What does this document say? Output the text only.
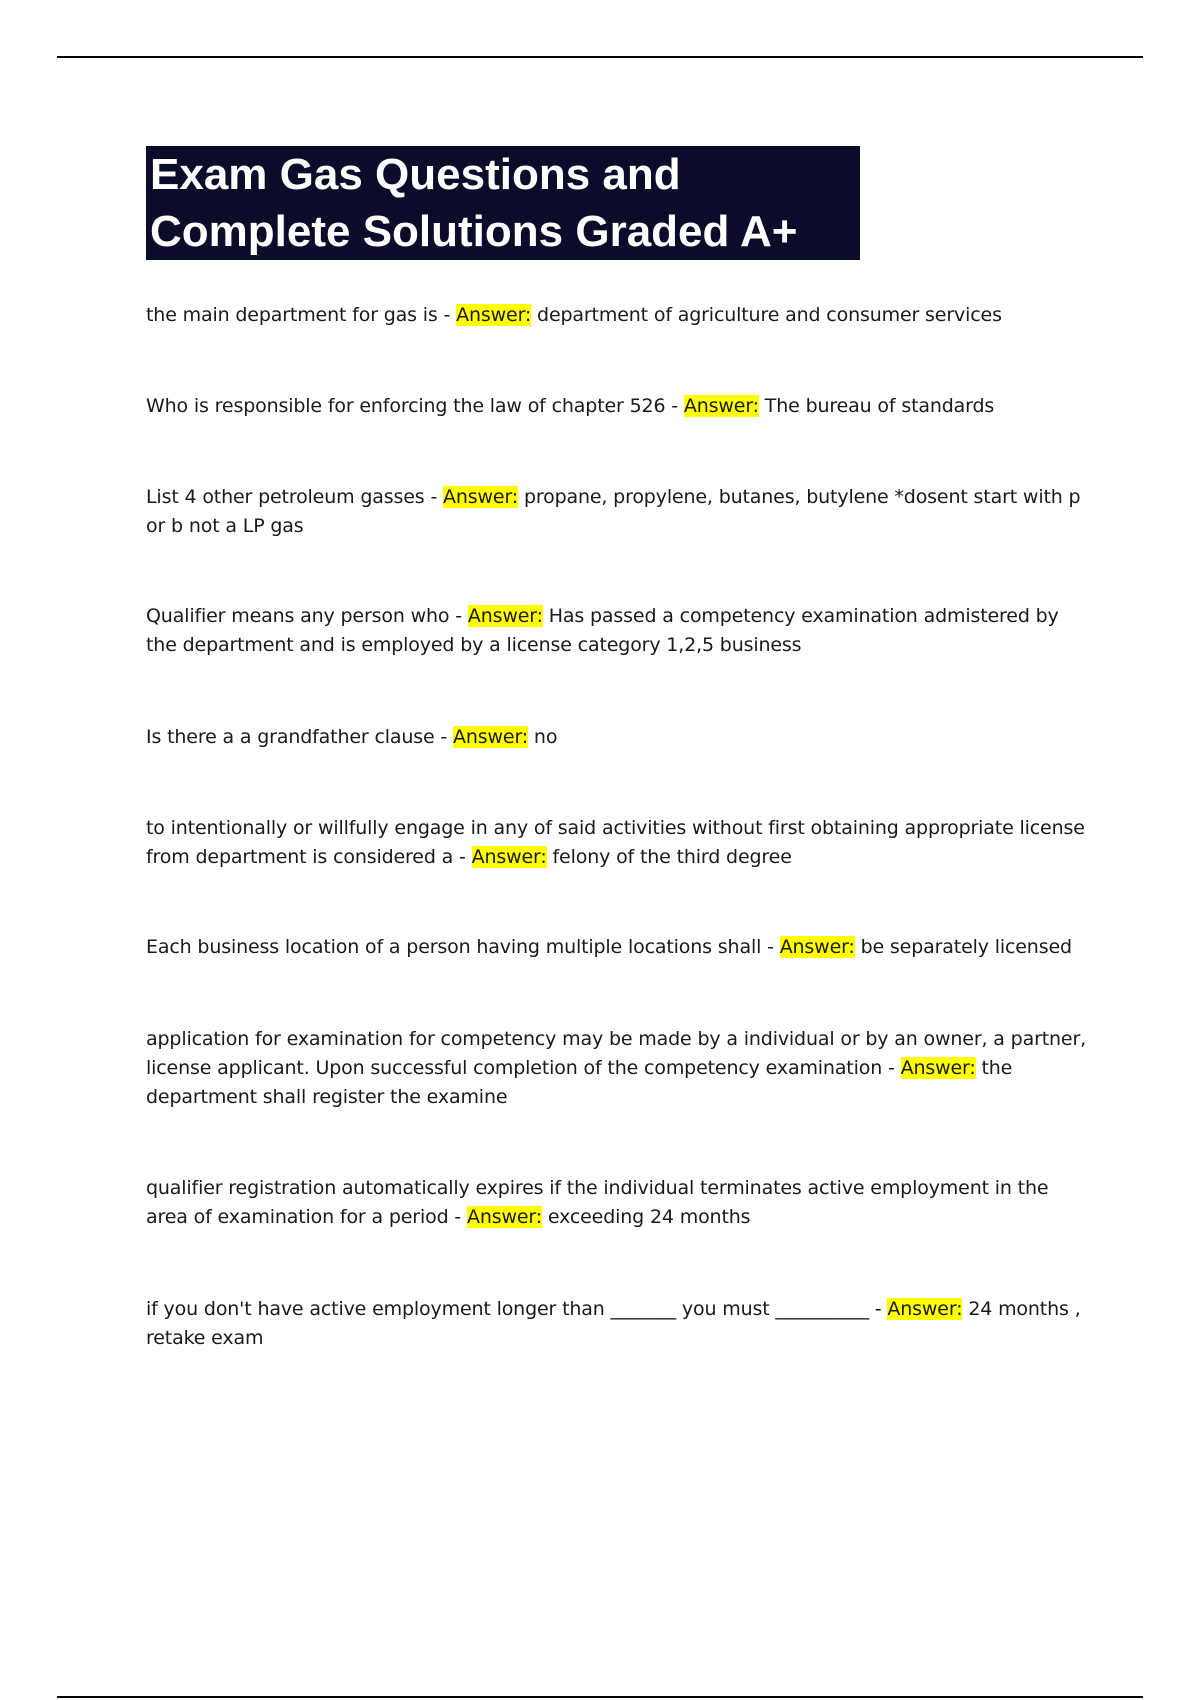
Exam Gas Questions and
Complete Solutions Graded A+
the main department for gas is - Answer: department of agriculture and consumer services
Who is responsible for enforcing the law of chapter 526 - Answer: The bureau of standards
List 4 other petroleum gasses - Answer: propane, propylene, butanes, butylene *dosent start with p or b not a LP gas
Qualifier means any person who - Answer: Has passed a competency examination admistered by the department and is employed by a license category 1,2,5 business
Is there a a grandfather clause - Answer: no
to intentionally or willfully engage in any of said activities without first obtaining appropriate license from department is considered a - Answer: felony of the third degree
Each business location of a person having multiple locations shall - Answer: be separately licensed
application for examination for competency may be made by a individual or by an owner, a partner, license applicant. Upon successful completion of the competency examination - Answer: the department shall register the examine
qualifier registration automatically expires if the individual terminates active employment in the area of examination for a period - Answer: exceeding 24 months
if you don't have active employment longer than _______ you must __________ - Answer: 24 months , retake exam
